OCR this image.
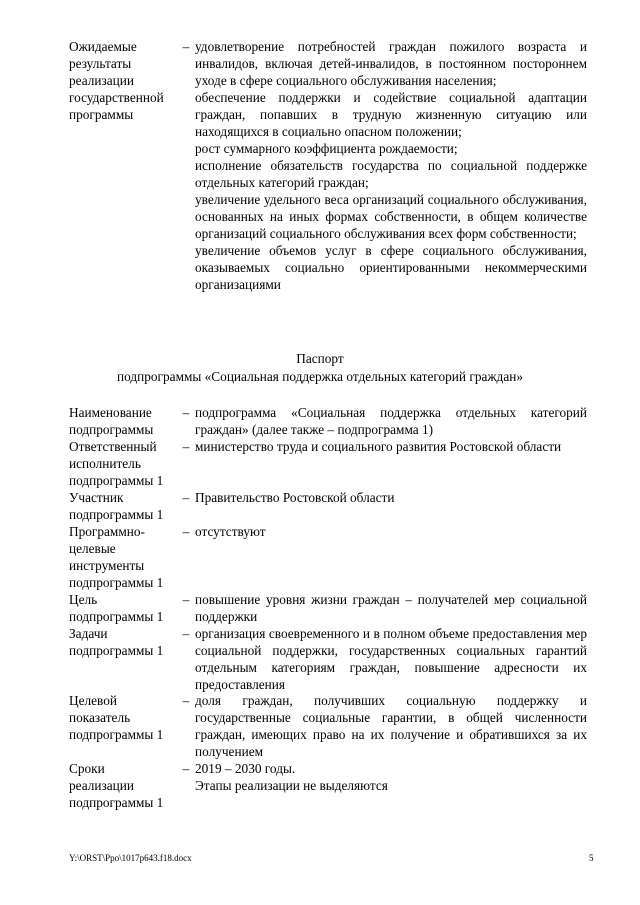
Ожидаемые результаты реализации государственной программы
– удовлетворение потребностей граждан пожилого возраста и инвалидов, включая детей-инвалидов, в постоянном постороннем уходе в сфере социального обслуживания населения;

обеспечение поддержки и содействие социальной адаптации граждан, попавших в трудную жизненную ситуацию или находящихся в социально опасном положении;

рост суммарного коэффициента рождаемости;

исполнение обязательств государства по социальной поддержке отдельных категорий граждан;

увеличение удельного веса организаций социального обслуживания, основанных на иных формах собственности, в общем количестве организаций социального обслуживания всех форм собственности;

увеличение объемов услуг в сфере социального обслуживания, оказываемых социально ориентированными некоммерческими организациями

Паспорт
подпрограммы «Социальная поддержка отдельных категорий граждан»
Наименование подпрограммы
– подпрограмма «Социальная поддержка отдельных категорий граждан» (далее также – подпрограмма 1)

Ответственный исполнитель подпрограммы 1
– министерство труда и социального развития Ростовской области

Участник подпрограммы 1
– Правительство Ростовской области

Программно-целевые инструменты подпрограммы 1
– отсутствуют

Цель подпрограммы 1
– повышение уровня жизни граждан – получателей мер социальной поддержки

Задачи подпрограммы 1
– организация своевременного и в полном объеме предоставления мер социальной поддержки, государственных социальных гарантий отдельным категориям граждан, повышение адресности их предоставления

Целевой показатель подпрограммы 1
– доля граждан, получивших социальную поддержку и государственные социальные гарантии, в общей численности граждан, имеющих право на их получение и обратившихся за их получением

Сроки реализации подпрограммы 1
– 2019 – 2030 годы.

Этапы реализации не выделяются

Y:\ORST\Ppo\1017p643.f18.docx	5
